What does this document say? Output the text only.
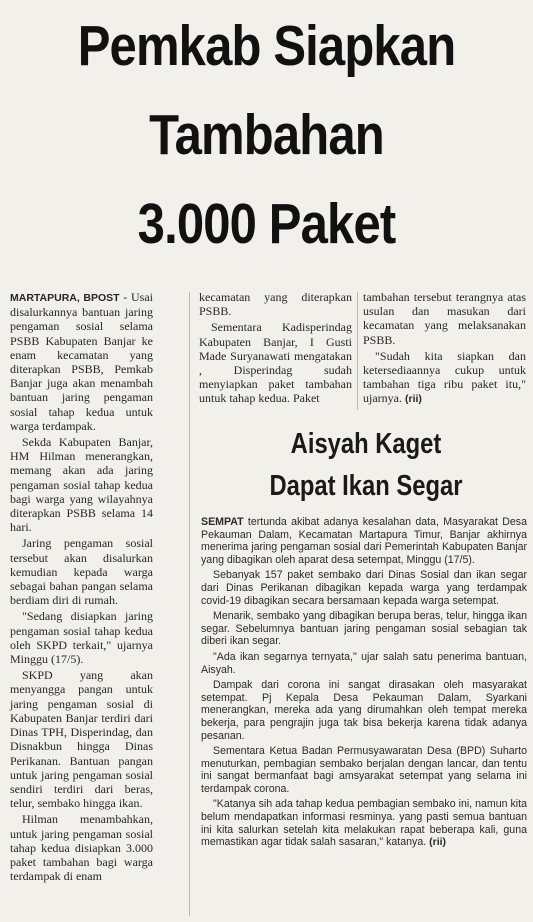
Pemkab Siapkan
Tambahan
3.000 Paket

MARTAPURA, BPOST - Usai disalurkannya bantuan jaring pengaman sosial selama PSBB Kabupaten Banjar ke enam kecamatan yang diterapkan PSBB, Pemkab Banjar juga akan menambah bantuan jaring pengaman sosial tahap kedua untuk warga terdampak.

Sekda Kabupaten Banjar, HM Hilman menerangkan, memang akan ada jaring pengaman sosial tahap kedua bagi warga yang wilayahnya diterapkan PSBB selama 14 hari.

Jaring pengaman sosial tersebut akan disalurkan kemudian kepada warga sebagai bahan pangan selama berdiam diri di rumah.

"Sedang disiapkan jaring pengaman sosial tahap kedua oleh SKPD terkait," ujarnya Minggu (17/5).

SKPD yang akan menyangga pangan untuk jaring pengaman sosial di Kabupaten Banjar terdiri dari Dinas TPH, Disperindag, dan Disnakbun hingga Dinas Perikanan. Bantuan pangan untuk jaring pengaman sosial sendiri terdiri dari beras, telur, sembako hingga ikan.

Hilman menambahkan, untuk jaring pengaman sosial tahap kedua disiapkan 3.000 paket tambahan bagi warga terdampak di enam

kecamatan yang diterapkan PSBB.

Sementara Kadisperindag Kabupaten Banjar, I Gusti Made Suryanawati mengatakan , Disperindag sudah menyiapkan paket tambahan untuk tahap kedua. Paket

tambahan tersebut terangnya atas usulan dan masukan dari kecamatan yang melaksanakan PSBB.

"Sudah kita siapkan dan ketersediaannya cukup untuk tambahan tiga ribu paket itu," ujarnya. (rii)

Aisyah Kaget
Dapat Ikan Segar

SEMPAT tertunda akibat adanya kesalahan data, Masyarakat Desa Pekauman Dalam, Kecamatan Martapura Timur, Banjar akhirnya menerima jaring pengaman sosial dari Pemerintah Kabupaten Banjar yang dibagikan oleh aparat desa setempat, Minggu (17/5).

Sebanyak 157 paket sembako dari Dinas Sosial dan ikan segar dari Dinas Perikanan dibagikan kepada warga yang terdampak covid-19 dibagikan secara bersamaan kepada warga setempat.

Menarik, sembako yang dibagikan berupa beras, telur, hingga ikan segar. Sebelumnya bantuan jaring pengaman sosial sebagian tak diberi ikan segar.

"Ada ikan segarnya ternyata," ujar salah satu penerima bantuan, Aisyah.

Dampak dari corona ini sangat dirasakan oleh masyarakat setempat. Pj Kepala Desa Pekauman Dalam, Syarkani menerangkan, mereka ada yang dirumahkan oleh tempat mereka bekerja, para pengrajin juga tak bisa bekerja karena tidak adanya pesanan.

Sementara Ketua Badan Permusyawaratan Desa (BPD) Suharto menuturkan, pembagian sembako berjalan dengan lancar, dan tentu ini sangat bermanfaat bagi amsyarakat setempat yang selama ini terdampak corona.

"Katanya sih ada tahap kedua pembagian sembako ini, namun kita belum mendapatkan informasi resminya. yang pasti semua bantuan ini kita salurkan setelah kita melakukan rapat beberapa kali, guna memastikan agar tidak salah sasaran," katanya. (rii)
